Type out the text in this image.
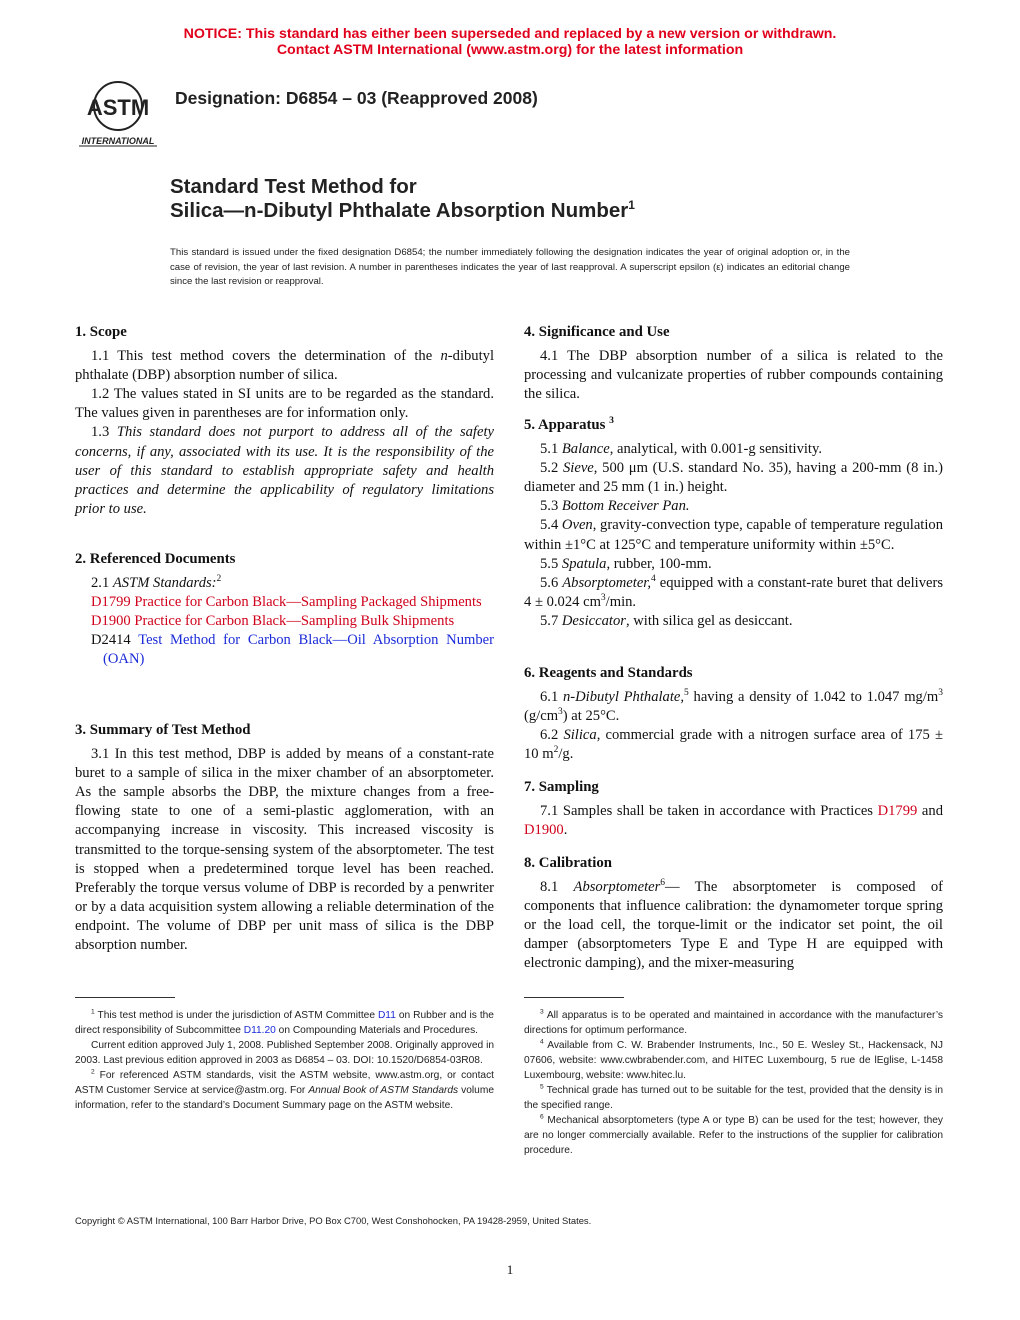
NOTICE: This standard has either been superseded and replaced by a new version or withdrawn.
Contact ASTM International (www.astm.org) for the latest information
ASTM
INTERNATIONAL
Designation: D6854 – 03 (Reapproved 2008)
Standard Test Method for
Silica—n-Dibutyl Phthalate Absorption Number$^1$
This standard is issued under the fixed designation D6854; the number immediately following the designation indicates the year of original adoption or, in the case of revision, the year of last revision. A number in parentheses indicates the year of last reapproval. A superscript epsilon (ε) indicates an editorial change since the last revision or reapproval.
1. Scope

1.1 This test method covers the determination of the n-dibutyl phthalate (DBP) absorption number of silica.

1.2 The values stated in SI units are to be regarded as the standard. The values given in parentheses are for information only.

1.3 This standard does not purport to address all of the safety concerns, if any, associated with its use. It is the responsibility of the user of this standard to establish appropriate safety and health practices and determine the applicability of regulatory limitations prior to use.

2. Referenced Documents

2.1 ASTM Standards:$^2$

D1799 Practice for Carbon Black—Sampling Packaged Shipments

D1900 Practice for Carbon Black—Sampling Bulk Shipments

D2414 Test Method for Carbon Black—Oil Absorption Number (OAN)

3. Summary of Test Method

3.1 In this test method, DBP is added by means of a constant-rate buret to a sample of silica in the mixer chamber of an absorptometer. As the sample absorbs the DBP, the mixture changes from a free-flowing state to one of a semi-plastic agglomeration, with an accompanying increase in viscosity. This increased viscosity is transmitted to the torque-sensing system of the absorptometer. The test is stopped when a predetermined torque level has been reached. Preferably the torque versus volume of DBP is recorded by a penwriter or by a data acquisition system allowing a reliable determination of the endpoint. The volume of DBP per unit mass of silica is the DBP absorption number.

4. Significance and Use

4.1 The DBP absorption number of a silica is related to the processing and vulcanizate properties of rubber compounds containing the silica.

5. Apparatus $^3$

5.1 Balance, analytical, with 0.001-g sensitivity.

5.2 Sieve, 500 μm (U.S. standard No. 35), having a 200-mm (8 in.) diameter and 25 mm (1 in.) height.

5.3 Bottom Receiver Pan.

5.4 Oven, gravity-convection type, capable of temperature regulation within ±1°C at 125°C and temperature uniformity within ±5°C.

5.5 Spatula, rubber, 100-mm.

5.6 Absorptometer,$^4$ equipped with a constant-rate buret that delivers 4 ± 0.024 $cm^3/\min$.

5.7 Desiccator, with silica gel as desiccant.

6. Reagents and Standards

6.1 n-Dibutyl Phthalate,$^5$ having a density of 1.042 to 1.047 $mg/m^3$ $(g/cm^3)$ at 25°C.

6.2 Silica, commercial grade with a nitrogen surface area of 175 ± 10 $m^2/g$.

7. Sampling

7.1 Samples shall be taken in accordance with Practices D1799 and D1900.

8. Calibration

8.1 Absorptometer$^6$— The absorptometer is composed of components that influence calibration: the dynamometer torque spring or the load cell, the torque-limit or the indicator set point, the oil damper (absorptometers Type E and Type H are equipped with electronic damping), and the mixer-measuring

$^1$ This test method is under the jurisdiction of ASTM Committee D11 on Rubber and is the direct responsibility of Subcommittee D11.20 on Compounding Materials and Procedures.

Current edition approved July 1, 2008. Published September 2008. Originally approved in 2003. Last previous edition approved in 2003 as D6854 – 03. DOI: 10.1520/D6854-03R08.

$^2$ For referenced ASTM standards, visit the ASTM website, www.astm.org, or contact ASTM Customer Service at service@astm.org. For Annual Book of ASTM Standards volume information, refer to the standard’s Document Summary page on the ASTM website.

$^3$ All apparatus is to be operated and maintained in accordance with the manufacturer’s directions for optimum performance.

$^4$ Available from C. W. Brabender Instruments, Inc., 50 E. Wesley St., Hackensack, NJ 07606, website: www.cwbrabender.com, and HITEC Luxembourg, 5 rue de lEglise, L-1458 Luxembourg, website: www.hitec.lu.

$^5$ Technical grade has turned out to be suitable for the test, provided that the density is in the specified range.

$^6$ Mechanical absorptometers (type A or type B) can be used for the test; however, they are no longer commercially available. Refer to the instructions of the supplier for calibration procedure.

Copyright © ASTM International, 100 Barr Harbor Drive, PO Box C700, West Conshohocken, PA 19428-2959, United States.
1
